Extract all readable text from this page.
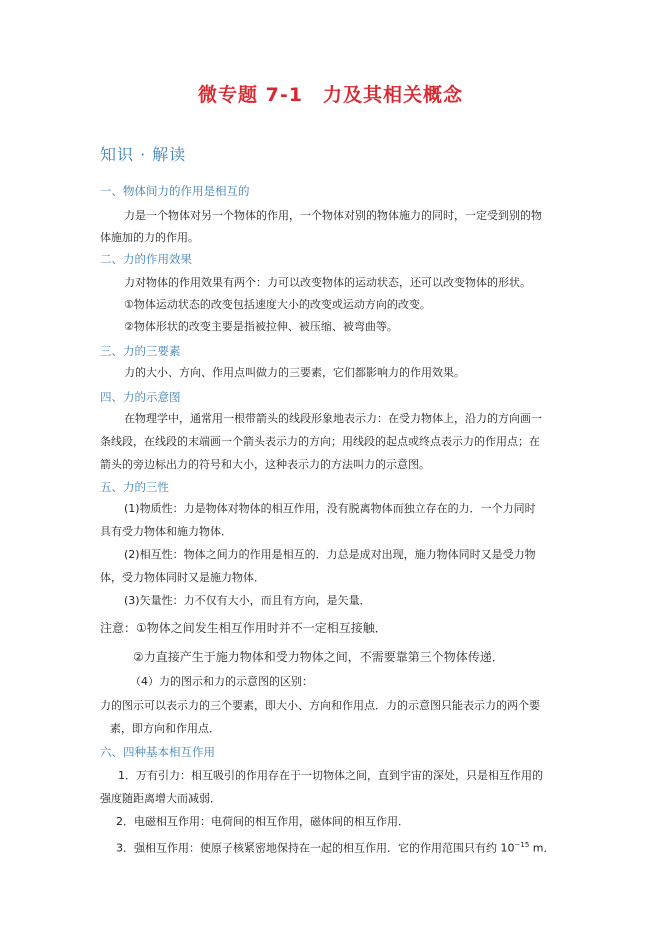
微专题 7-1　力及其相关概念
知识 · 解读
一、物体间力的作用是相互的
力是一个物体对另一个物体的作用，一个物体对别的物体施力的同时，一定受到别的物
体施加的力的作用。
二、力的作用效果
力对物体的作用效果有两个：力可以改变物体的运动状态，还可以改变物体的形状。
①物体运动状态的改变包括速度大小的改变或运动方向的改变。
②物体形状的改变主要是指被拉伸、被压缩、被弯曲等。
三、力的三要素
力的大小、方向、作用点叫做力的三要素，它们都影响力的作用效果。
四、力的示意图
在物理学中，通常用一根带箭头的线段形象地表示力：在受力物体上，沿力的方向画一
条线段，在线段的末端画一个箭头表示力的方向；用线段的起点或终点表示力的作用点；在
箭头的旁边标出力的符号和大小，这种表示力的方法叫力的示意图。
五、力的三性
(1)物质性：力是物体对物体的相互作用，没有脱离物体而独立存在的力．一个力同时
具有受力物体和施力物体．
(2)相互性：物体之间力的作用是相互的．力总是成对出现，施力物体同时又是受力物
体，受力物体同时又是施力物体．
(3)矢量性：力不仅有大小，而且有方向，是矢量．
注意：①物体之间发生相互作用时并不一定相互接触．
②力直接产生于施力物体和受力物体之间，不需要靠第三个物体传递．
（4）力的图示和力的示意图的区别：
力的图示可以表示力的三个要素，即大小、方向和作用点．力的示意图只能表示力的两个要
素，即方向和作用点．
六、四种基本相互作用
1．万有引力：相互吸引的作用存在于一切物体之间，直到宇宙的深处，只是相互作用的
强度随距离增大而减弱．
2．电磁相互作用：电荷间的相互作用，磁体间的相互作用．
3．强相互作用：使原子核紧密地保持在一起的相互作用．它的作用范围只有约 $10^{-15}$ m．
